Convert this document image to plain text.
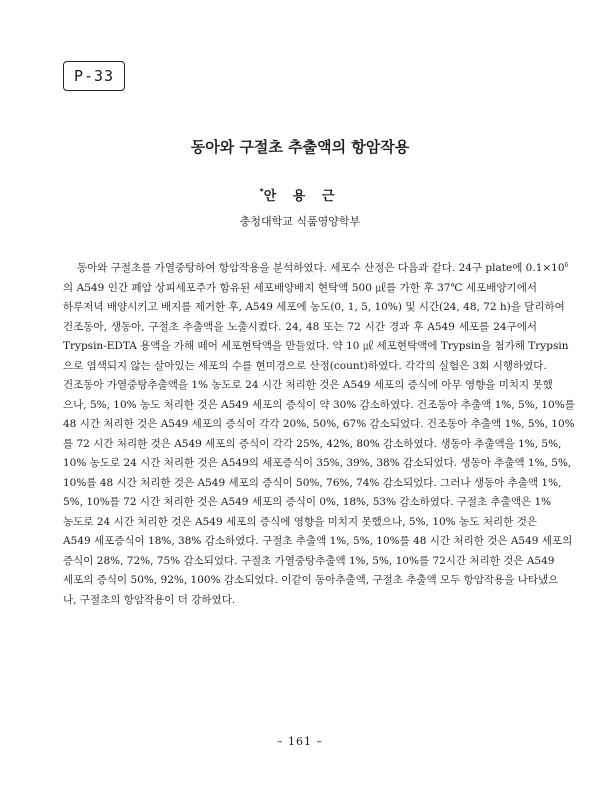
P-33
동아와 구절초 추출액의 항암작용
*안 용 근
충청대학교 식품영양학부
동아와 구절초를 가열중탕하여 항암작용을 분석하였다. 세포수 산정은 다음과 같다. 24구 plate에 $0.1\times 10^6$
의 A549 인간 폐암 상피세포주가 함유된 세포배양배지 현탁액 500 ㎕를 가한 후 37℃ 세포배양기에서
하루저녁 배양시키고 배지를 제거한 후, A549 세포에 농도(0, 1, 5, 10%) 및 시간(24, 48, 72 h)을 달리하여
건조동아, 생동아, 구절초 추출액을 노출시켰다. 24, 48 또는 72 시간 경과 후 A549 세포를 24구에서
Trypsin-EDTA 용액을 가해 떼어 세포현탁액을 만들었다. 약 10 ㎕ 세포현탁액에 Trypsin을 첨가해 Trypsin
으로 염색되지 않는 살아있는 세포의 수를 현미경으로 산정(count)하였다. 각각의 실험은 3회 시행하였다.
건조동아 가열중탕추출액을 1% 농도로 24 시간 처리한 것은 A549 세포의 증식에 아무 영향을 미치지 못했
으나, 5%, 10% 농도 처리한 것은 A549 세포의 증식이 약 30% 감소하였다. 건조동아 추출액 1%, 5%, 10%를
48 시간 처리한 것은 A549 세포의 증식이 각각 20%, 50%, 67% 감소되었다. 건조동아 추출액 1%, 5%, 10%
를 72 시간 처리한 것은 A549 세포의 증식이 각각 25%, 42%, 80% 감소하였다. 생동아 추출액을 1%, 5%,
10% 농도로 24 시간 처리한 것은 A549의 세포증식이 35%, 39%, 38% 감소되었다. 생동아 추출액 1%, 5%,
10%를 48 시간 처리한 것은 A549 세포의 증식이 50%, 76%, 74% 감소되었다. 그러나 생동아 추출액 1%,
5%, 10%를 72 시간 처리한 것은 A549 세포의 증식이 0%, 18%, 53% 감소하였다. 구절초 추출액은 1%
농도로 24 시간 처리한 것은 A549 세포의 증식에 영향을 미치지 못했으나, 5%, 10% 농도 처리한 것은
A549 세포증식이 18%, 38% 감소하였다. 구절초 추출액 1%, 5%, 10%를 48 시간 처리한 것은 A549 세포의
증식이 28%, 72%, 75% 감소되었다. 구절초 가열중탕추출액 1%, 5%, 10%를 72시간 처리한 것은 A549
세포의 증식이 50%, 92%, 100% 감소되었다. 이같이 동아추출액, 구절초 추출액 모두 항암작용을 나타냈으
나, 구절초의 항암작용이 더 강하였다.
– 161 –
